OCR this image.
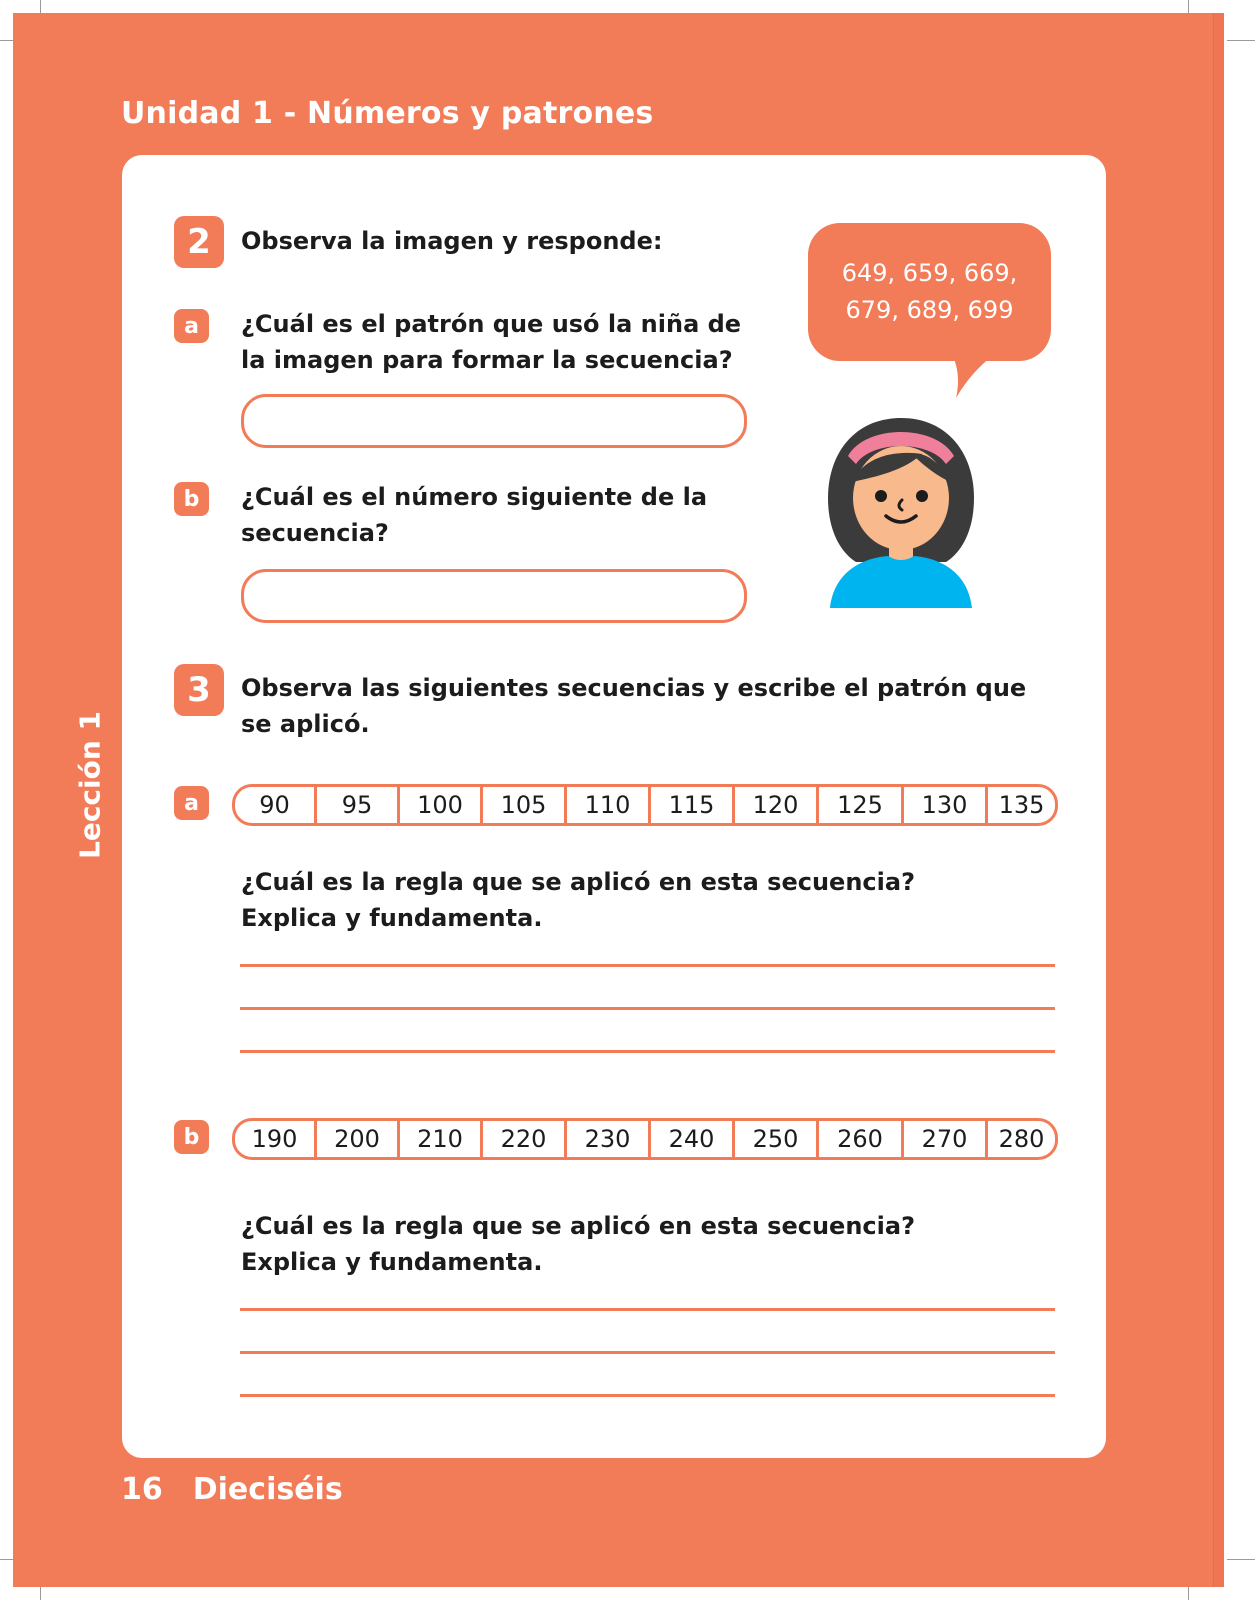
Unidad 1 - Números y patrones
Lección 1
2	Observa la imagen y responde:
a	¿Cuál es el patrón que usó la niña de
la imagen para formar la secuencia?
b	¿Cuál es el número siguiente de la
secuencia?
649, 659, 669,
679, 689, 699
3	Observa las siguientes secuencias y escribe el patrón que
se aplicó.
a	90	95	100	105	110	115	120	125	130	135
¿Cuál es la regla que se aplicó en esta secuencia?
Explica y fundamenta.
b	190	200	210	220	230	240	250	260	270	280
¿Cuál es la regla que se aplicó en esta secuencia?
Explica y fundamenta.
16 Dieciséis
